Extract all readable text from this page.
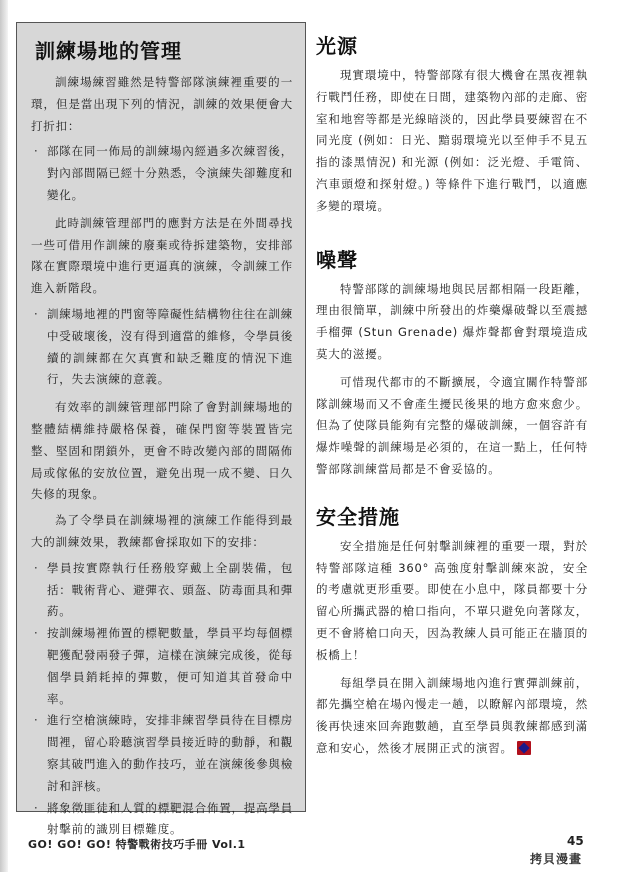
訓練場地的管理

訓練場練習雖然是特警部隊演練裡重要的一環，但是當出現下列的情況，訓練的效果便會大打折扣：

· 部隊在同一佈局的訓練場內經過多次練習後，對內部間隔已經十分熟悉，令演練失卻難度和變化。

此時訓練管理部門的應對方法是在外間尋找一些可借用作訓練的廢棄或待拆建築物，安排部隊在實際環境中進行更逼真的演練，令訓練工作進入新階段。

· 訓練場地裡的門窗等障礙性結構物往往在訓練中受破壞後，沒有得到適當的維修，令學員後續的訓練都在欠真實和缺乏難度的情況下進行，失去演練的意義。

有效率的訓練管理部門除了會對訓練場地的整體結構維持嚴格保養，確保門窗等裝置皆完整、堅固和閉鎖外，更會不時改變內部的間隔佈局或傢俬的安放位置，避免出現一成不變、日久失修的現象。

為了令學員在訓練場裡的演練工作能得到最大的訓練效果，教練都會採取如下的安排：

· 學員按實際執行任務般穿戴上全副裝備，包括：戰術背心、避彈衣、頭盔、防毒面具和彈葯。
· 按訓練場裡佈置的標靶數量，學員平均每個標靶獲配發兩發子彈，這樣在演練完成後，從每個學員銷耗掉的彈數，便可知道其首發命中率。
· 進行空槍演練時，安排非練習學員待在目標房間裡，留心聆聽演習學員接近時的動靜，和觀察其破門進入的動作技巧，並在演練後參與檢討和評核。
· 將象徵匪徒和人質的標靶混合佈置，提高學員射擊前的識別目標難度。
光源

現實環境中，特警部隊有很大機會在黑夜裡執行戰鬥任務，即使在日間，建築物內部的走廊、密室和地窖等都是光線暗淡的，因此學員要練習在不同光度 (例如：日光、黯弱環境光以至伸手不見五指的漆黑情況) 和光源 (例如：泛光燈、手電筒、汽車頭燈和探射燈。) 等條件下進行戰鬥，以適應多變的環境。

噪聲

特警部隊的訓練場地與民居都相隔一段距離，理由很簡單，訓練中所發出的炸藥爆破聲以至震撼手榴彈 (Stun Grenade) 爆炸聲都會對環境造成莫大的滋擾。

可惜現代都市的不斷擴展，令適宜關作特警部隊訓練場而又不會產生擾民後果的地方愈來愈少。但為了使隊員能夠有完整的爆破訓練，一個容許有爆炸噪聲的訓練場是必須的，在這一點上，任何特警部隊訓練當局都是不會妥協的。

安全措施

安全措施是任何射擊訓練裡的重要一環，對於特警部隊這種 360° 高強度射擊訓練來說，安全的考慮就更形重要。即使在小息中，隊員都要十分留心所攜武器的槍口指向，不單只避免向著隊友，更不會將槍口向天，因為教練人員可能正在牆頂的板橋上！

每組學員在開入訓練場地內進行實彈訓練前，都先攜空槍在場內慢走一趟，以瞭解內部環境，然後再快速來回奔跑數趟，直至學員與教練都感到滿意和安心，然後才展開正式的演習。

GO! GO! GO! 特警戰術技巧手冊 Vol.1	45
拷貝漫畫
